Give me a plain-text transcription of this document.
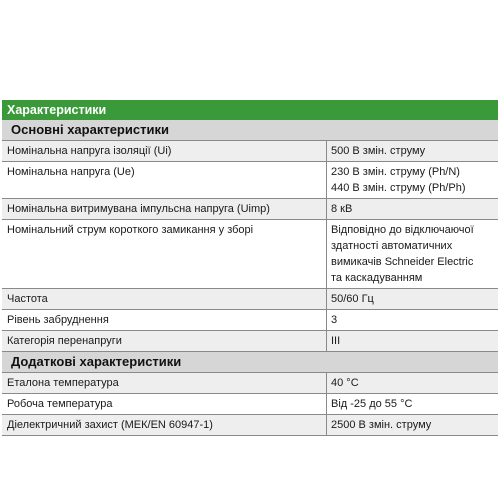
Характеристики
Основні характеристики
Номінальна напруга ізоляції (Ui)	500 В змін. струму
Номінальна напруга (Ue)	230 В змін. струму (Ph/N)
440 В змін. струму (Ph/Ph)
Номінальна витримувана імпульсна напруга (Uimp)	8 кВ
Номінальний струм короткого замикання у зборі	Відповідно до відключаючої
здатності автоматичних
вимикачів Schneider Electric
та каскадуванням
Частота	50/60 Гц
Рівень забруднення	3
Категорія перенапруги	III
Додаткові характеристики
Еталона температура	40 °C
Робоча температура	Від -25 до 55 °C
Діелектричний захист (МЕК/EN 60947-1)	2500 В змін. струму
